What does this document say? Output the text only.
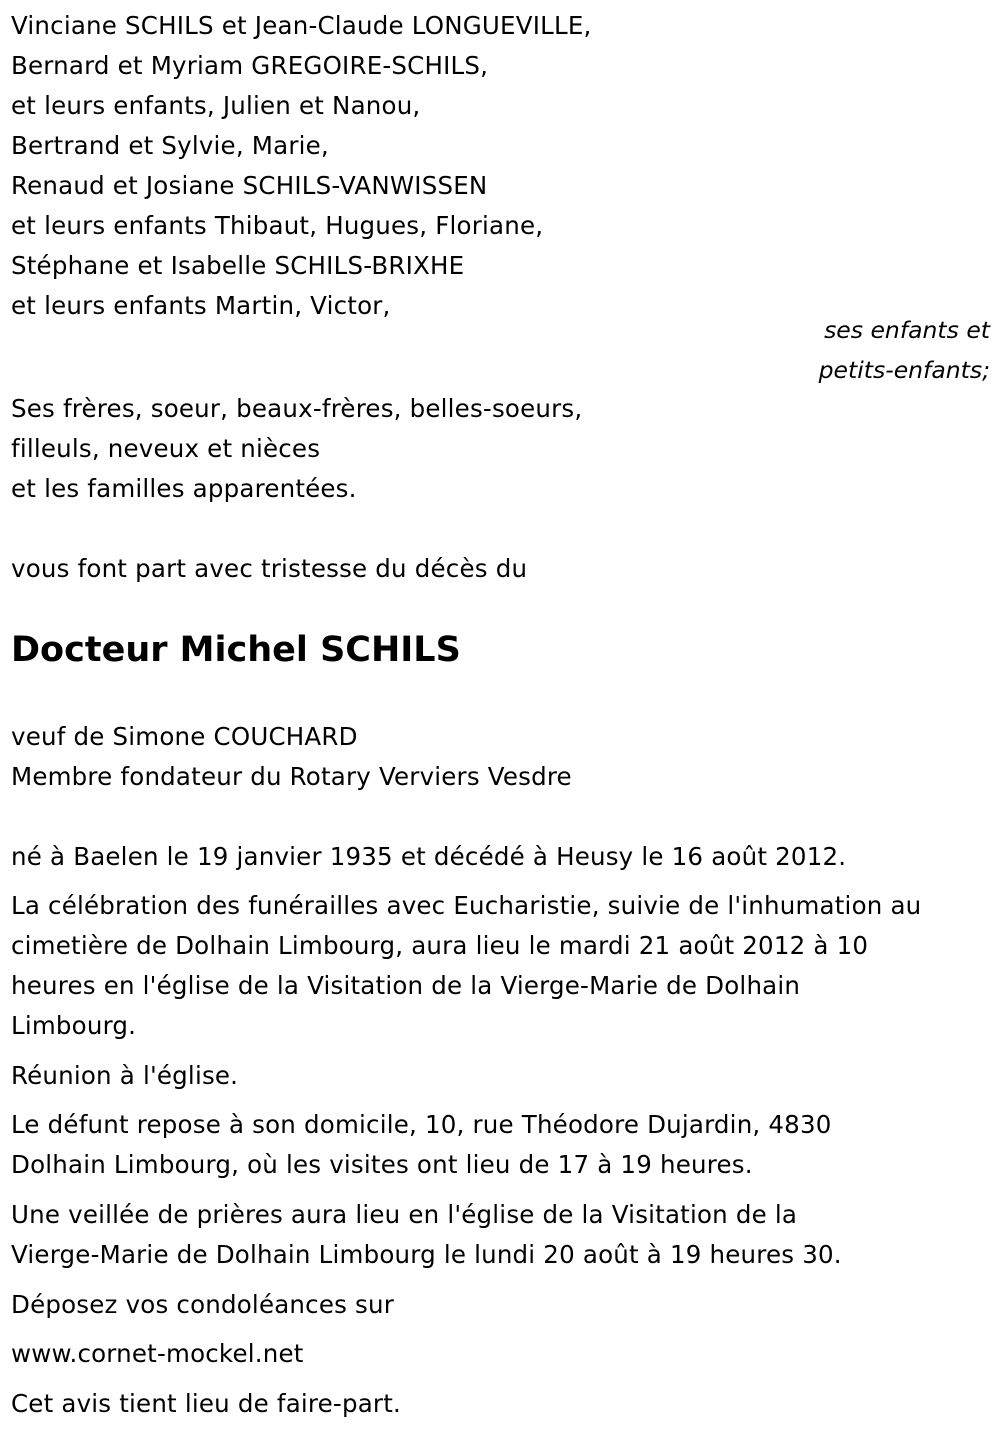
Vinciane SCHILS et Jean-Claude LONGUEVILLE,
Bernard et Myriam GREGOIRE-SCHILS,
et leurs enfants, Julien et Nanou,
Bertrand et Sylvie, Marie,
Renaud et Josiane SCHILS-VANWISSEN
et leurs enfants Thibaut, Hugues, Floriane,
Stéphane et Isabelle SCHILS-BRIXHE
et leurs enfants Martin, Victor,
ses enfants et
petits-enfants;
Ses frères, soeur, beaux-frères, belles-soeurs,
filleuls, neveux et nièces
et les familles apparentées.
vous font part avec tristesse du décès du
Docteur Michel SCHILS
veuf de Simone COUCHARD
Membre fondateur du Rotary Verviers Vesdre
né à Baelen le 19 janvier 1935 et décédé à Heusy le 16 août 2012.
La célébration des funérailles avec Eucharistie, suivie de l'inhumation au
cimetière de Dolhain Limbourg, aura lieu le mardi 21 août 2012 à 10
heures en l'église de la Visitation de la Vierge-Marie de Dolhain
Limbourg.
Réunion à l'église.
Le défunt repose à son domicile, 10, rue Théodore Dujardin, 4830
Dolhain Limbourg, où les visites ont lieu de 17 à 19 heures.
Une veillée de prières aura lieu en l'église de la Visitation de la
Vierge-Marie de Dolhain Limbourg le lundi 20 août à 19 heures 30.
Déposez vos condoléances sur
www.cornet-mockel.net
Cet avis tient lieu de faire-part.
